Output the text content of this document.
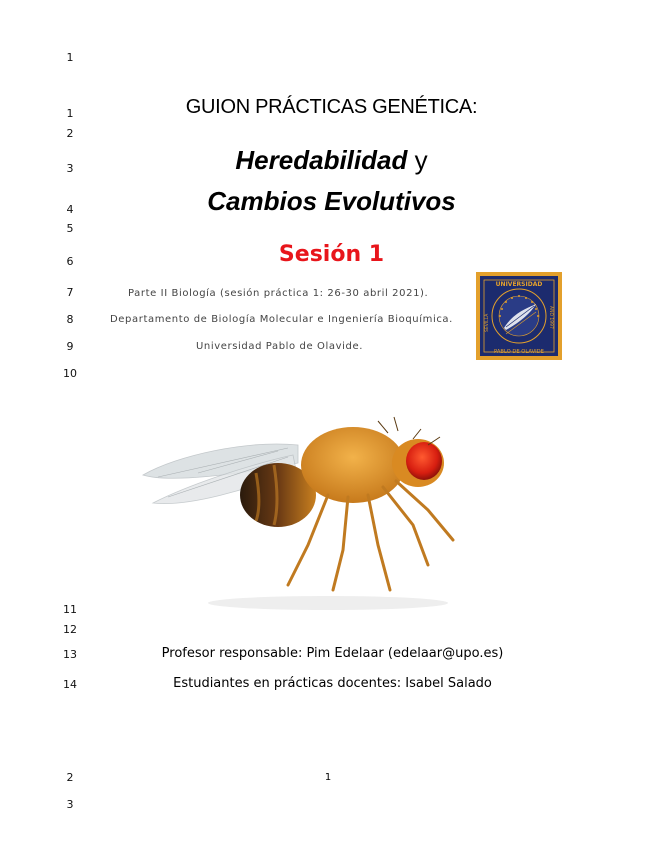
1
1
2
3
4
5
6
7
8
9
10
11
12
13
14
2
3
GUION PRÁCTICAS GENÉTICA:
Heredabilidad y
Cambios Evolutivos
Sesión 1
Parte II Biología (sesión práctica 1: 26-30 abril 2021).
Departamento de Biología Molecular e Ingeniería Bioquímica.
Universidad Pablo de Olavide.
UNIVERSIDAD
PABLO DE OLAVIDE
SEVILLA	AÑO 1997
Profesor responsable: Pim Edelaar (edelaar@upo.es)
Estudiantes en prácticas docentes: Isabel Salado
1
